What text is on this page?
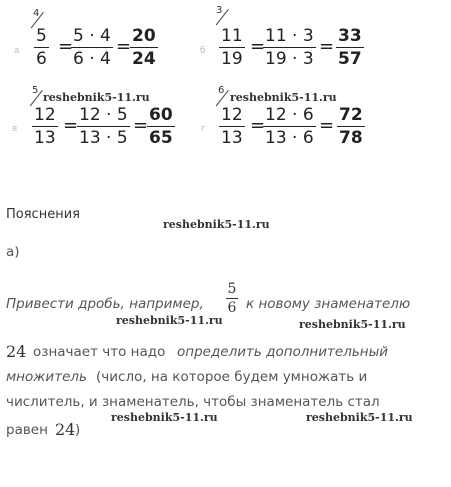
а
4
5
6
= 5 · 4
6 · 4
= 20
24	б
3
11
19
= 11 · 3
19 · 3
= 33
57
в
5
reshebnik5-11.ru
12
13
= 12 · 5
13 · 5
= 60
65	г
6
reshebnik5-11.ru
12
13
= 12 · 6
13 · 6
= 72
78
Пояснения
reshebnik5-11.ru
а)
Привести дробь, например,
5
6 к новому знаменателю
reshebnik5-11.ru	reshebnik5-11.ru
24 означает что надо определить дополнительный
множитель (число, на которое будем умножать и
числитель, и знаменатель, чтобы знаменатель стал
reshebnik5-11.ru	reshebnik5-11.ru
равен 24 )
